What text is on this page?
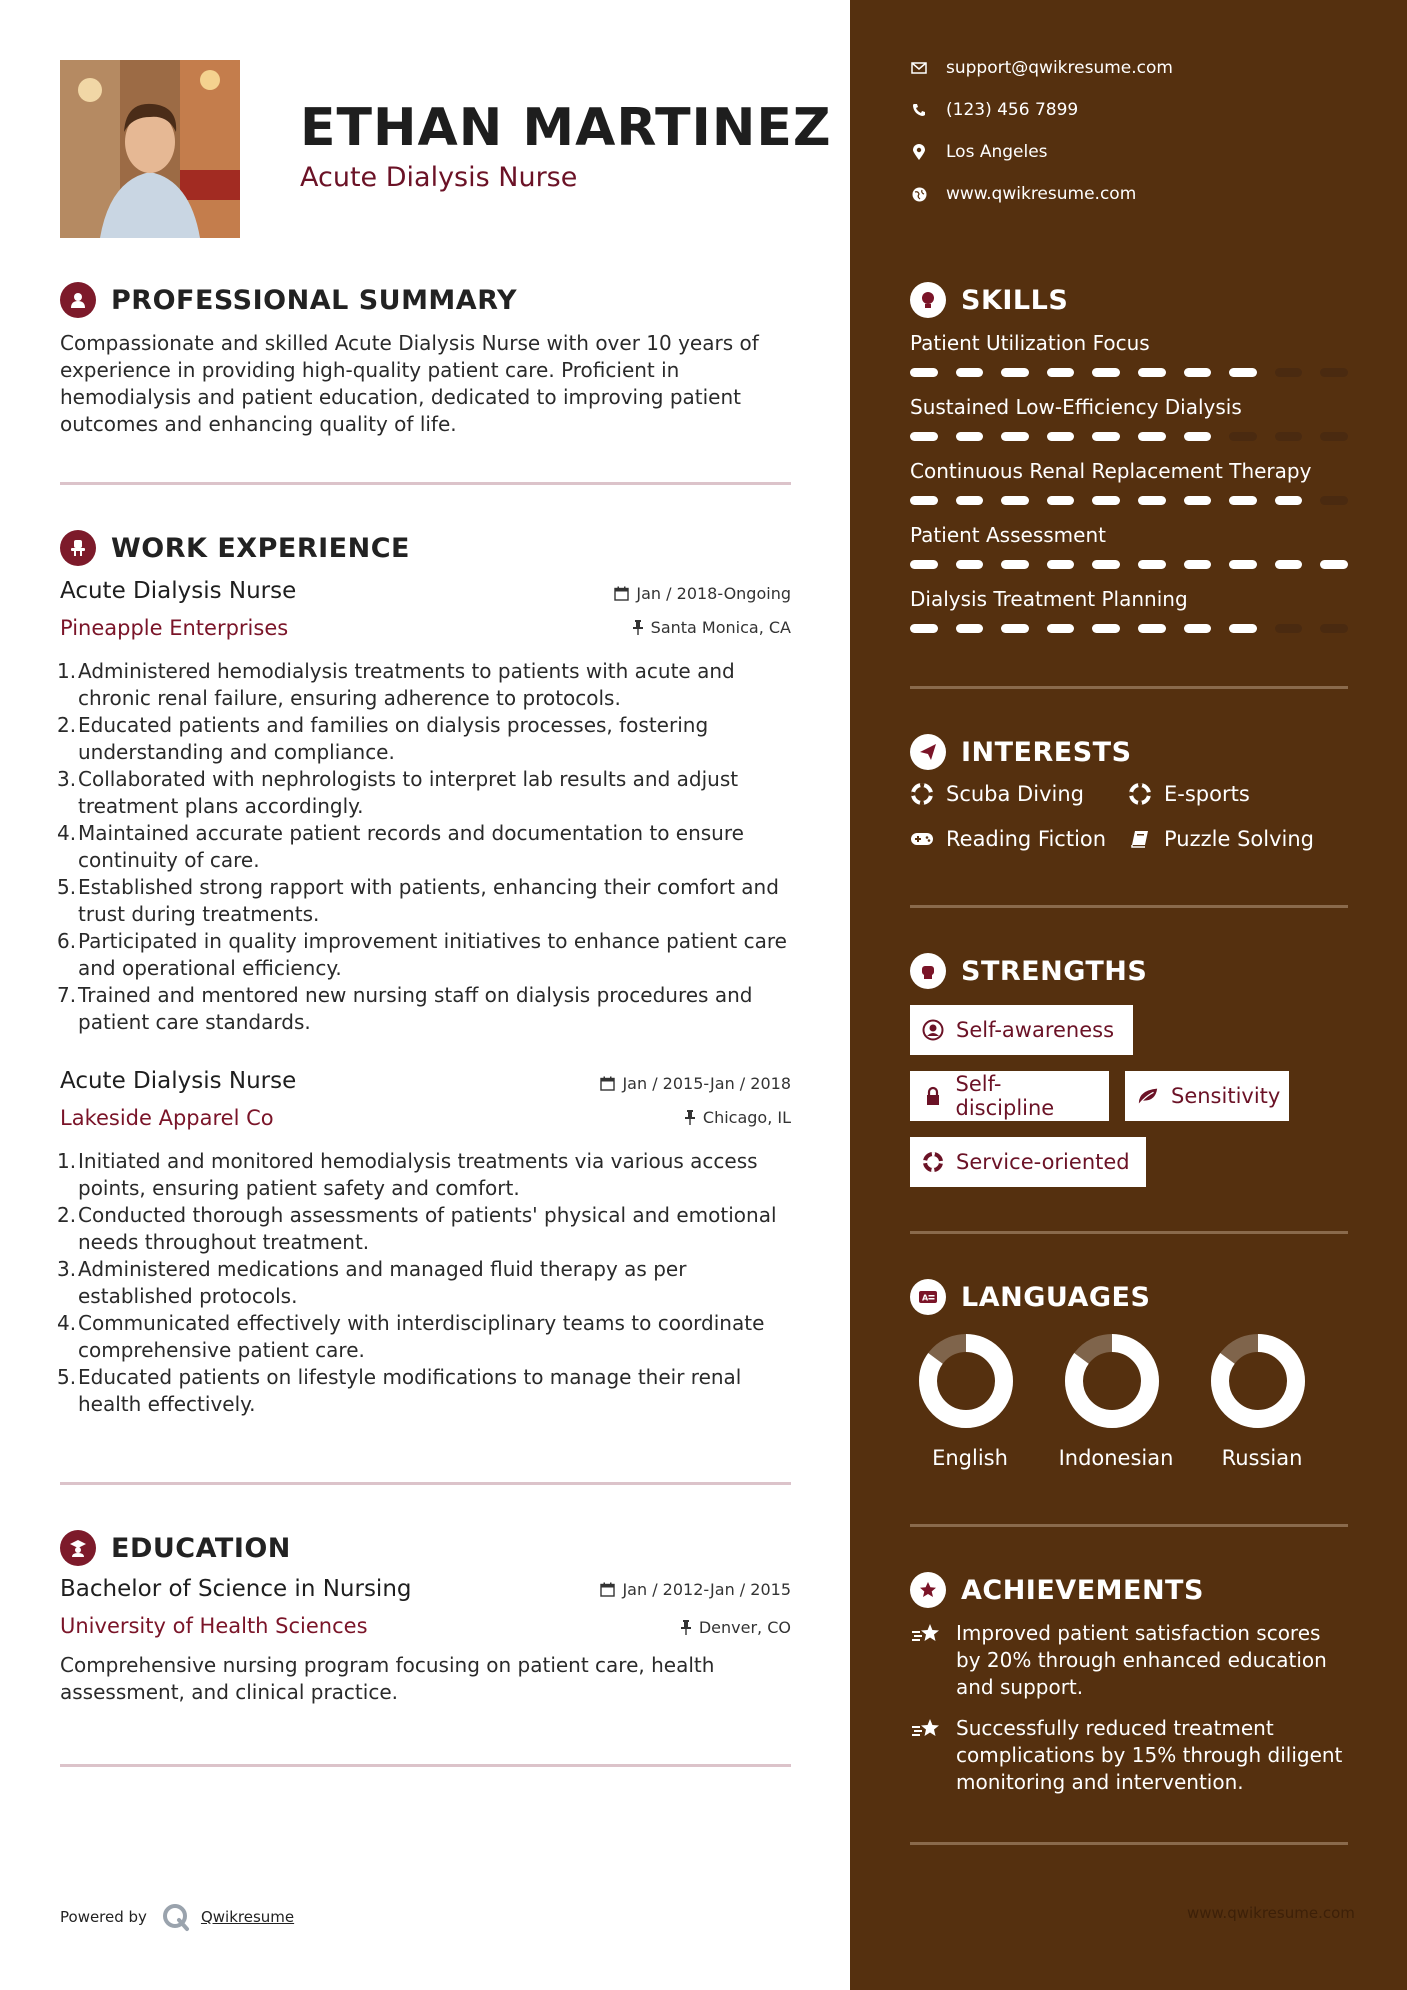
ETHAN MARTINEZ
Acute Dialysis Nurse
PROFESSIONAL SUMMARY
Compassionate and skilled Acute Dialysis Nurse with over 10 years of experience in providing high-quality patient care. Proficient in hemodialysis and patient education, dedicated to improving patient outcomes and enhancing quality of life.
WORK EXPERIENCE
Acute Dialysis Nurse	Jan / 2018-Ongoing
Pineapple Enterprises	Santa Monica, CA
1. Administered hemodialysis treatments to patients with acute and chronic renal failure, ensuring adherence to protocols.
2. Educated patients and families on dialysis processes, fostering understanding and compliance.
3. Collaborated with nephrologists to interpret lab results and adjust treatment plans accordingly.
4. Maintained accurate patient records and documentation to ensure continuity of care.
5. Established strong rapport with patients, enhancing their comfort and trust during treatments.
6. Participated in quality improvement initiatives to enhance patient care and operational efficiency.
7. Trained and mentored new nursing staff on dialysis procedures and patient care standards.
Acute Dialysis Nurse	Jan / 2015-Jan / 2018
Lakeside Apparel Co	Chicago, IL
1. Initiated and monitored hemodialysis treatments via various access points, ensuring patient safety and comfort.
2. Conducted thorough assessments of patients' physical and emotional needs throughout treatment.
3. Administered medications and managed fluid therapy as per established protocols.
4. Communicated effectively with interdisciplinary teams to coordinate comprehensive patient care.
5. Educated patients on lifestyle modifications to manage their renal health effectively.
EDUCATION
Bachelor of Science in Nursing	Jan / 2012-Jan / 2015
University of Health Sciences	Denver, CO
Comprehensive nursing program focusing on patient care, health assessment, and clinical practice.
Powered by	Qwikresume
support@qwikresume.com
(123) 456 7899
Los Angeles
www.qwikresume.com
SKILLS
Patient Utilization Focus
Sustained Low-Efficiency Dialysis
Continuous Renal Replacement Therapy
Patient Assessment
Dialysis Treatment Planning
INTERESTS
Scuba Diving	E-sports
Reading Fiction	Puzzle Solving
STRENGTHS
Self-awareness
Self-discipline	Sensitivity
Service-oriented
A LANGUAGES
English	Indonesian	Russian
ACHIEVEMENTS
Improved patient satisfaction scores by 20% through enhanced education and support.
Successfully reduced treatment complications by 15% through diligent monitoring and intervention.
www.qwikresume.com
